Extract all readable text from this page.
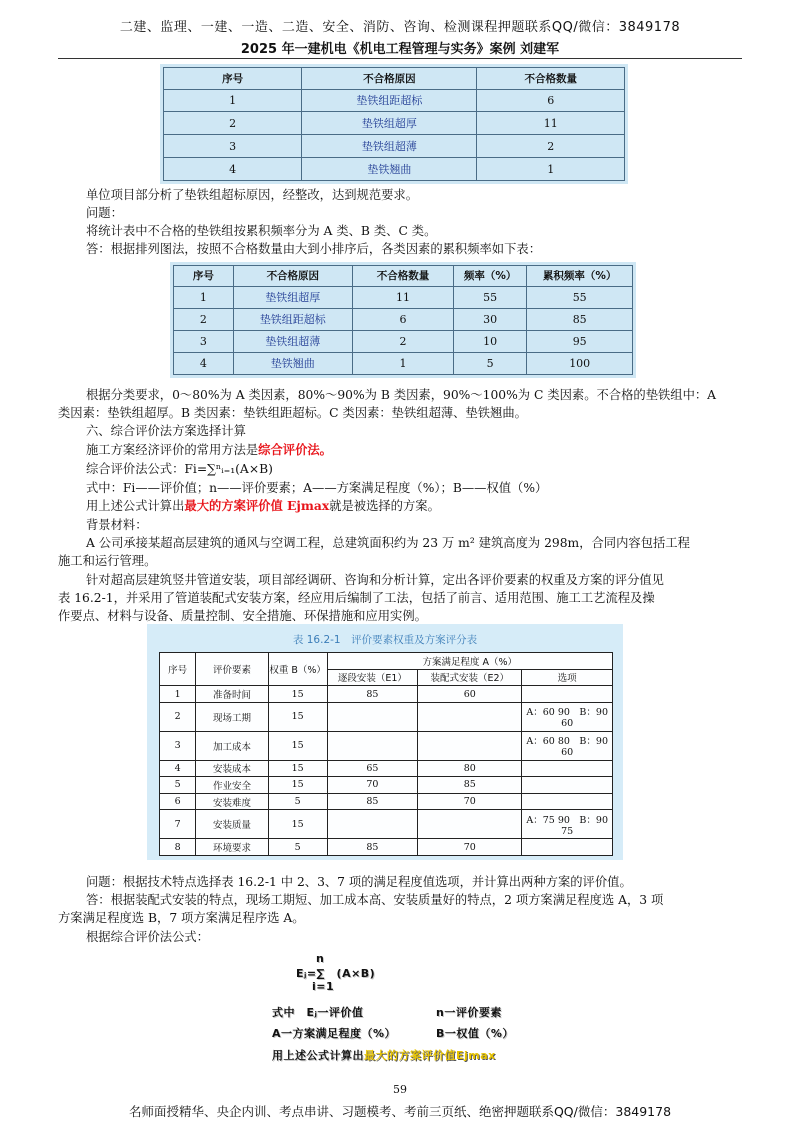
二建、监理、一建、一造、二造、安全、消防、咨询、检测课程押题联系QQ/微信：3849178
2025 年一建机电《机电工程管理与实务》案例 刘建军
序号	不合格原因	不合格数量
1	垫铁组距超标	6
2	垫铁组超厚	11
3	垫铁组超薄	2
4	垫铁翘曲	1
单位项目部分析了垫铁组超标原因，经整改，达到规范要求。
问题：
将统计表中不合格的垫铁组按累积频率分为 A 类、B 类、C 类。
答：根据排列图法，按照不合格数量由大到小排序后，各类因素的累积频率如下表：
序号	不合格原因	不合格数量	频率（%）	累积频率（%）
1	垫铁组超厚	11	55	55
2	垫铁组距超标	6	30	85
3	垫铁组超薄	2	10	95
4	垫铁翘曲	1	5	100
根据分类要求，0～80%为 A 类因素，80%～90%为 B 类因素，90%～100%为 C 类因素。不合格的垫铁组中：A
类因素：垫铁组超厚。B 类因素：垫铁组距超标。C 类因素：垫铁组超薄、垫铁翘曲。
六、综合评价法方案选择计算
施工方案经济评价的常用方法是综合评价法。
综合评价法公式：Fi=∑ⁿᵢ₌₁(A×B)
式中：Fi——评价值；n——评价要素；A——方案满足程度（%）；B——权值（%）
用上述公式计算出最大的方案评价值 Ejmax就是被选择的方案。
背景材料：
A 公司承接某超高层建筑的通风与空调工程，总建筑面积约为 23 万 m² 建筑高度为 298m，合同内容包括工程
施工和运行管理。
针对超高层建筑竖井管道安装，项目部经调研、咨询和分析计算，定出各评价要素的权重及方案的评分值见
表 16.2-1，并采用了管道装配式安装方案，经应用后编制了工法，包括了前言、适用范围、施工工艺流程及操
作要点、材料与设备、质量控制、安全措施、环保措施和应用实例。
表 16.2-1　评价要素权重及方案评分表
序号	评价要素	权重 B（%）	方案满足程度 A（%）		
			逐段安装（E1）	装配式安装（E2）	选项
1	准备时间	15	85	60	
2	现场工期	15			A：60 90　B：90 60
3	加工成本	15			A：60 80　B：90 60
4	安装成本	15	65	80	
5	作业安全	15	70	85	
6	安装难度	5	85	70	
7	安装质量	15			A：75 90　B：90 75
8	环境要求	5	85	70	
问题：根据技术特点选择表 16.2-1 中 2、3、7 项的满足程度值选项，并计算出两种方案的评价值。
答：根据装配式安装的特点，现场工期短、加工成本高、安装质量好的特点，2 项方案满足程度选 A，3 项
方案满足程度选 B，7 项方案满足程序选 A。
根据综合评价法公式：
n
Eⱼ=∑　(A×B)
i=1
式中　Eⱼ一评价值	n一评价要素
A一方案满足程度（%）	B一权值（%）
用上述公式计算出最大的方案评价值Ejmax
59
名师面授精华、央企内训、考点串讲、习题模考、考前三页纸、绝密押题联系QQ/微信：3849178
